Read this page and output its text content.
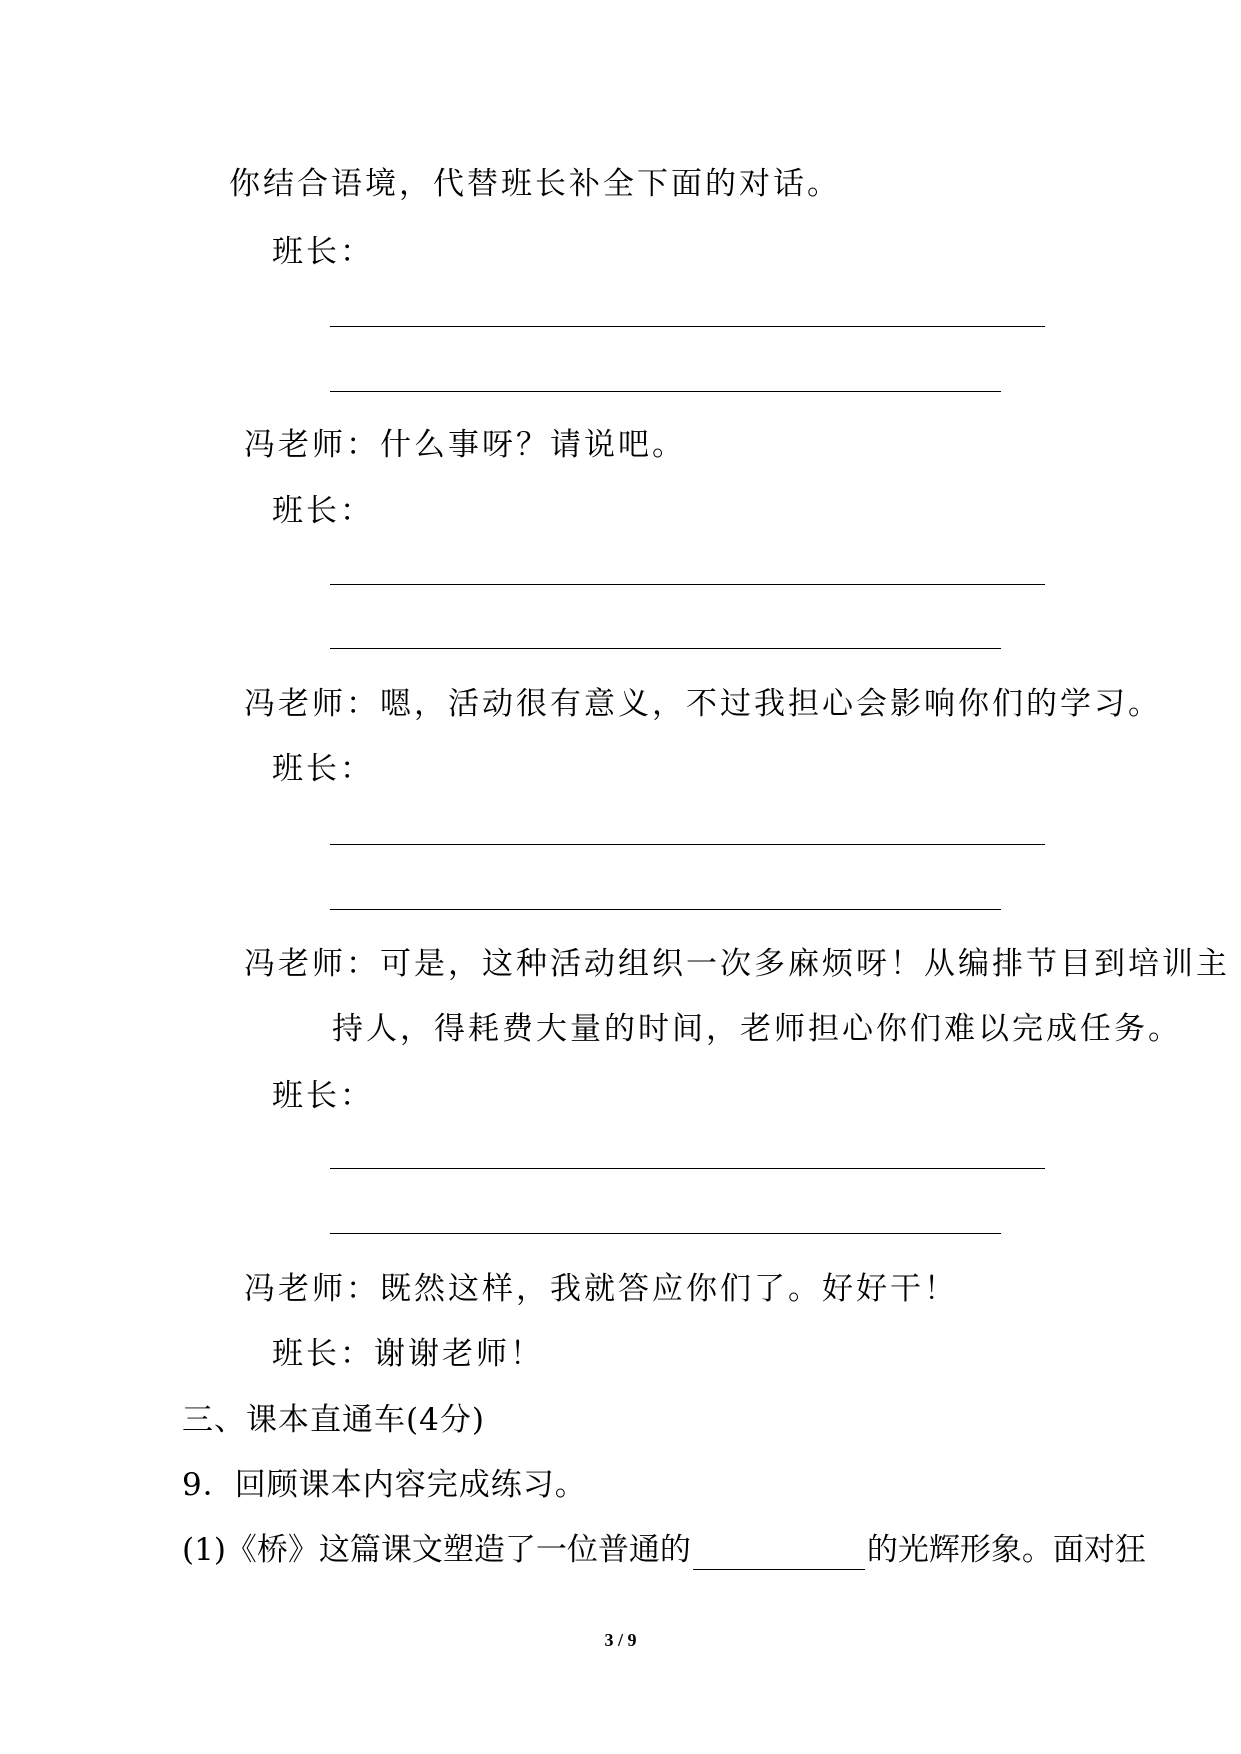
你结合语境，代替班长补全下面的对话。
班长：
冯老师：什么事呀？请说吧。
班长：
冯老师：嗯，活动很有意义，不过我担心会影响你们的学习。
班长：
冯老师：可是，这种活动组织一次多麻烦呀！从编排节目到培训主
持人，得耗费大量的时间，老师担心你们难以完成任务。
班长：
冯老师：既然这样，我就答应你们了。好好干！
班长：谢谢老师！
三、课本直通车(4分)
9．回顾课本内容完成练习。
(1)《桥》这篇课文塑造了一位普通的	的光辉形象。面对狂
3 / 9
